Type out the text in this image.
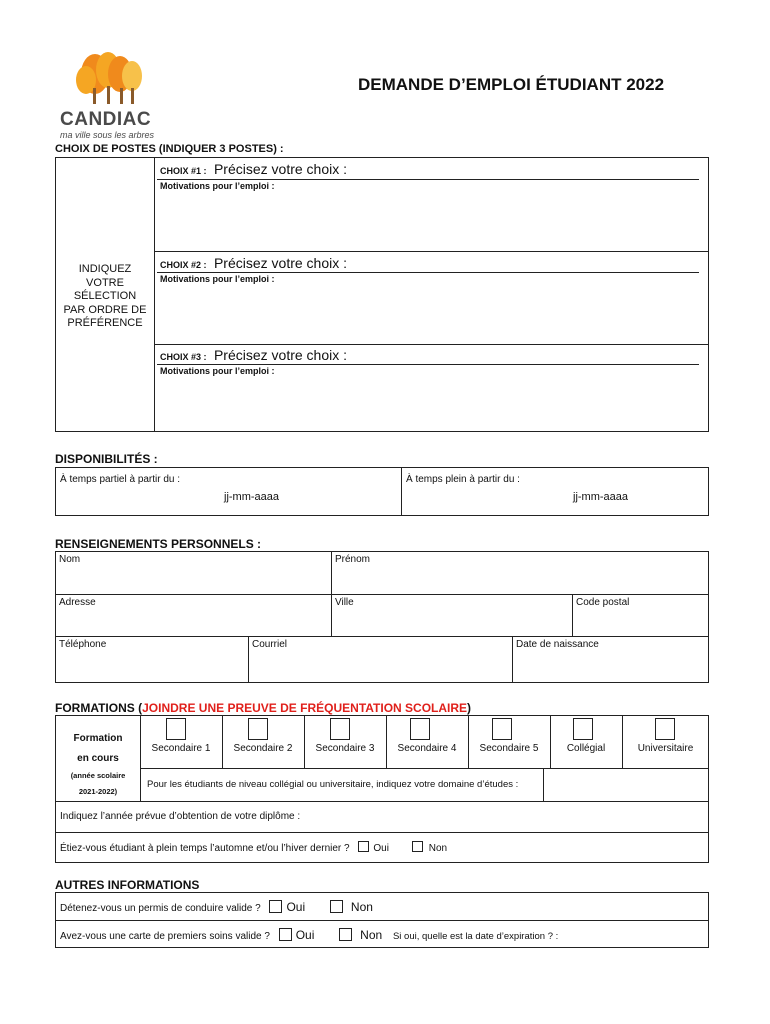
CANDIAC
ma ville sous les arbres
DEMANDE D’EMPLOI ÉTUDIANT 2022
CHOIX DE POSTES (INDIQUER 3 POSTES) :
INDIQUEZ
VOTRE
SÉLECTION
PAR ORDRE DE
PRÉFÉRENCE
CHOIX #1 : Précisez votre choix :
Motivations pour l’emploi :
CHOIX #2 : Précisez votre choix :
Motivations pour l’emploi :
CHOIX #3 : Précisez votre choix :
Motivations pour l’emploi :
DISPONIBILITÉS :
À temps partiel à partir du :
jj-mm-aaaa
À temps plein à partir du :
jj-mm-aaaa
RENSEIGNEMENTS PERSONNELS :
Nom	Prénom
Adresse	Ville	Code postal
Téléphone	Courriel	Date de naissance
FORMATIONS (JOINDRE UNE PREUVE DE FRÉQUENTATION SCOLAIRE)
Formation
en cours
(année scolaire
2021-2022)
Secondaire 1	Secondaire 2	Secondaire 3	Secondaire 4	Secondaire 5	Collégial	Universitaire
Pour les étudiants de niveau collégial ou universitaire, indiquez votre domaine d’études :
Indiquez l’année prévue d’obtention de votre diplôme :
Étiez-vous étudiant à plein temps l’automne et/ou l’hiver dernier ? Oui	Non
AUTRES INFORMATIONS
Détenez-vous un permis de conduire valide ? Oui	Non
Avez-vous une carte de premiers soins valide ? Oui	Non Si oui, quelle est la date d’expiration ? :
